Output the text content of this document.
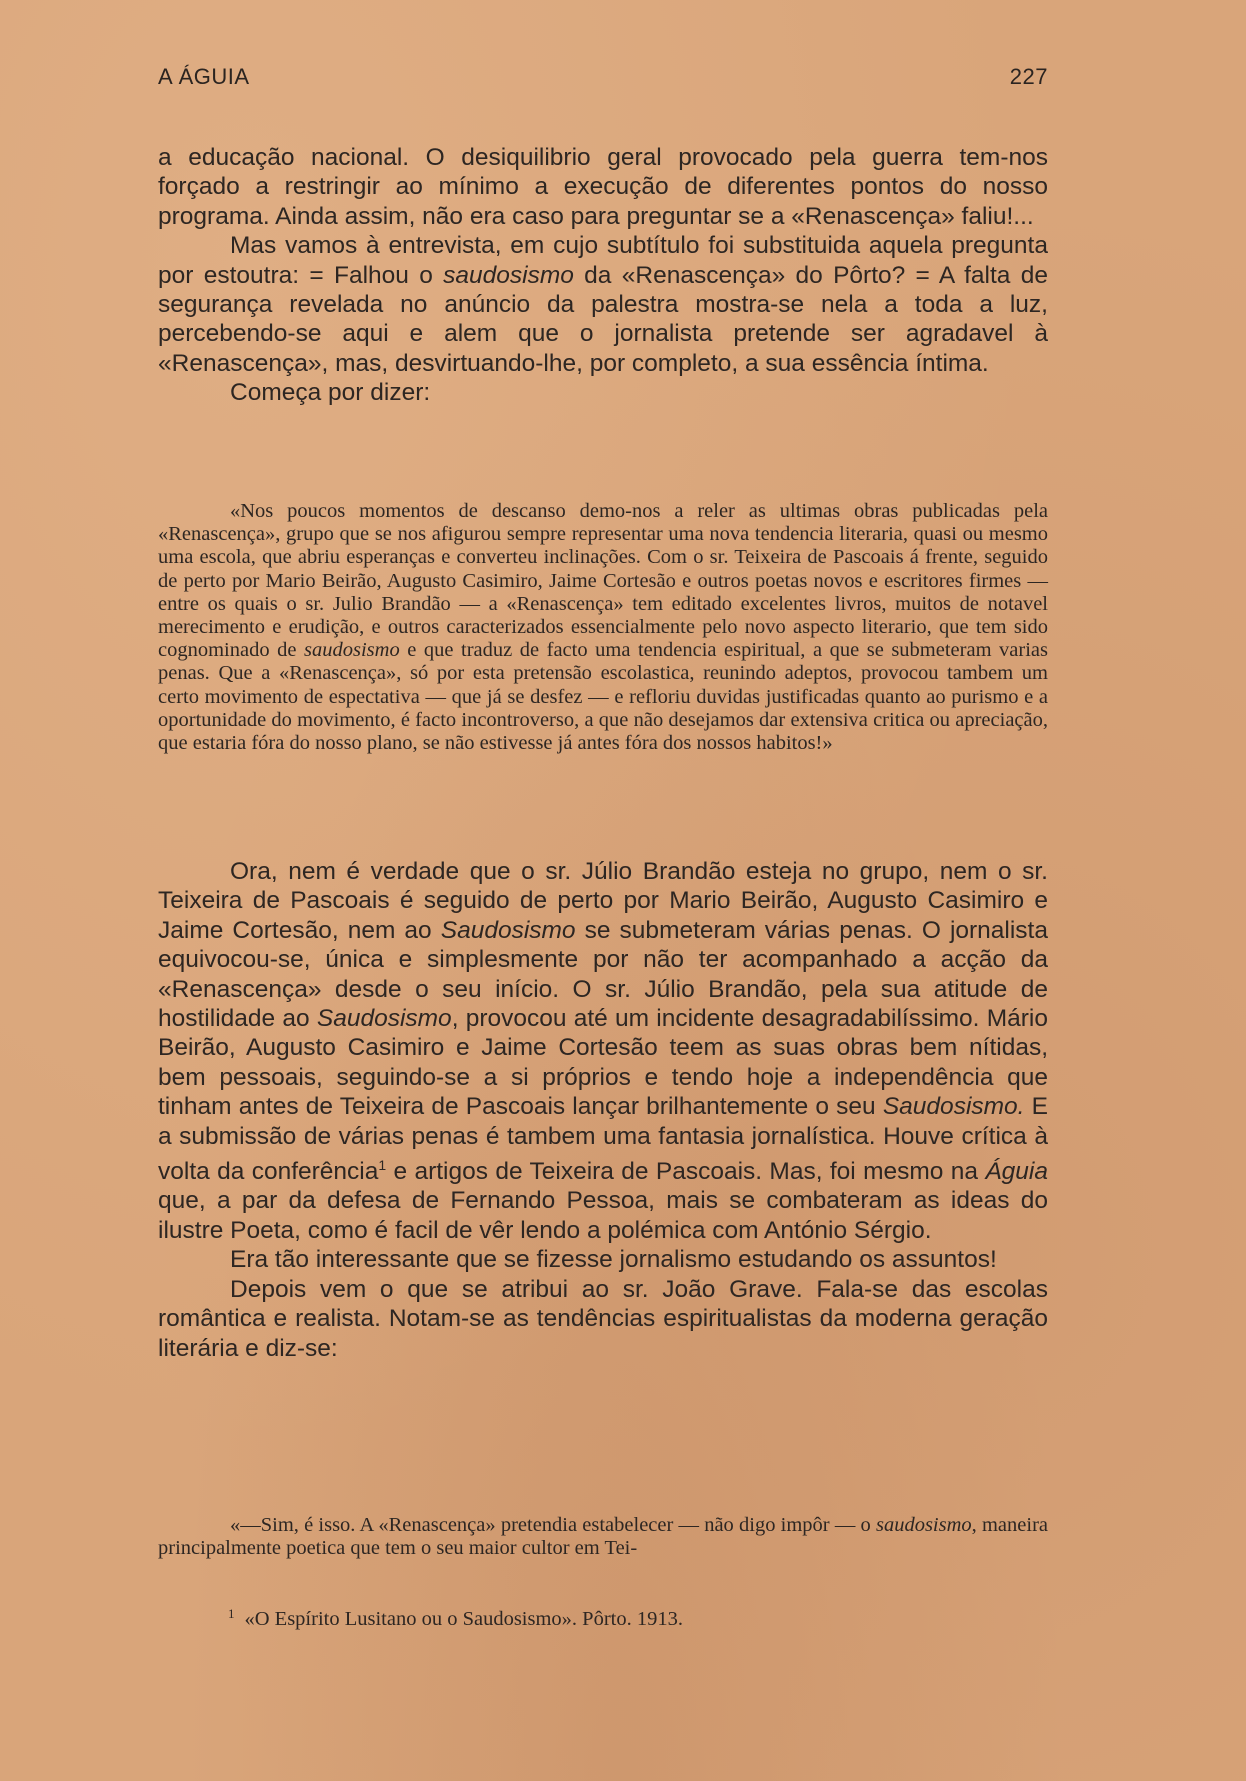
A ÁGUIA	227

a educação nacional. O desiquilibrio geral provocado pela guerra tem-nos forçado a restringir ao mínimo a execução de diferentes pontos do nosso programa. Ainda assim, não era caso para preguntar se a «Renascença» faliu!...

Mas vamos à entrevista, em cujo subtítulo foi substituida aquela pregunta por estoutra: = Falhou o saudosismo da «Renascença» do Pôrto? = A falta de segurança revelada no anúncio da palestra mostra-se nela a toda a luz, percebendo-se aqui e alem que o jornalista pretende ser agradavel à «Renascença», mas, desvirtuando-lhe, por completo, a sua essência íntima.

Começa por dizer:

«Nos poucos momentos de descanso demo-nos a reler as ultimas obras publicadas pela «Renascença», grupo que se nos afigurou sempre representar uma nova tendencia literaria, quasi ou mesmo uma escola, que abriu esperanças e converteu inclinações. Com o sr. Teixeira de Pascoais á frente, seguido de perto por Mario Beirão, Augusto Casimiro, Jaime Cortesão e outros poetas novos e escritores firmes — entre os quais o sr. Julio Brandão — a «Renascença» tem editado excelentes livros, muitos de notavel merecimento e erudição, e outros caracterizados essencialmente pelo novo aspecto literario, que tem sido cognominado de saudosismo e que traduz de facto uma tendencia espiritual, a que se submeteram varias penas. Que a «Renascença», só por esta pretensão escolastica, reunindo adeptos, provocou tambem um certo movimento de espectativa — que já se desfez — e refloriu duvidas justificadas quanto ao purismo e a oportunidade do movimento, é facto incontroverso, a que não desejamos dar extensiva critica ou apreciação, que estaria fóra do nosso plano, se não estivesse já antes fóra dos nossos habitos!»

Ora, nem é verdade que o sr. Júlio Brandão esteja no grupo, nem o sr. Teixeira de Pascoais é seguido de perto por Mario Beirão, Augusto Casimiro e Jaime Cortesão, nem ao Saudosismo se submeteram várias penas. O jornalista equivocou-se, única e simplesmente por não ter acompanhado a acção da «Renascença» desde o seu início. O sr. Júlio Brandão, pela sua atitude de hostilidade ao Saudosismo, provocou até um incidente desagradabilíssimo. Mário Beirão, Augusto Casimiro e Jaime Cortesão teem as suas obras bem nítidas, bem pessoais, seguindo-se a si próprios e tendo hoje a independência que tinham antes de Teixeira de Pascoais lançar brilhantemente o seu Saudosismo. E a submissão de várias penas é tambem uma fantasia jornalística. Houve crítica à volta da conferência$^1$ e artigos de Teixeira de Pascoais. Mas, foi mesmo na Águia que, a par da defesa de Fernando Pessoa, mais se combateram as ideas do ilustre Poeta, como é facil de vêr lendo a polémica com António Sérgio.

Era tão interessante que se fizesse jornalismo estudando os assuntos!

Depois vem o que se atribui ao sr. João Grave. Fala-se das escolas romântica e realista. Notam-se as tendências espiritualistas da moderna geração literária e diz-se:

«—Sim, é isso. A «Renascença» pretendia estabelecer — não digo impôr — o saudosismo, maneira principalmente poetica que tem o seu maior cultor em Tei-

$^1$ «O Espírito Lusitano ou o Saudosismo». Pôrto. 1913.
